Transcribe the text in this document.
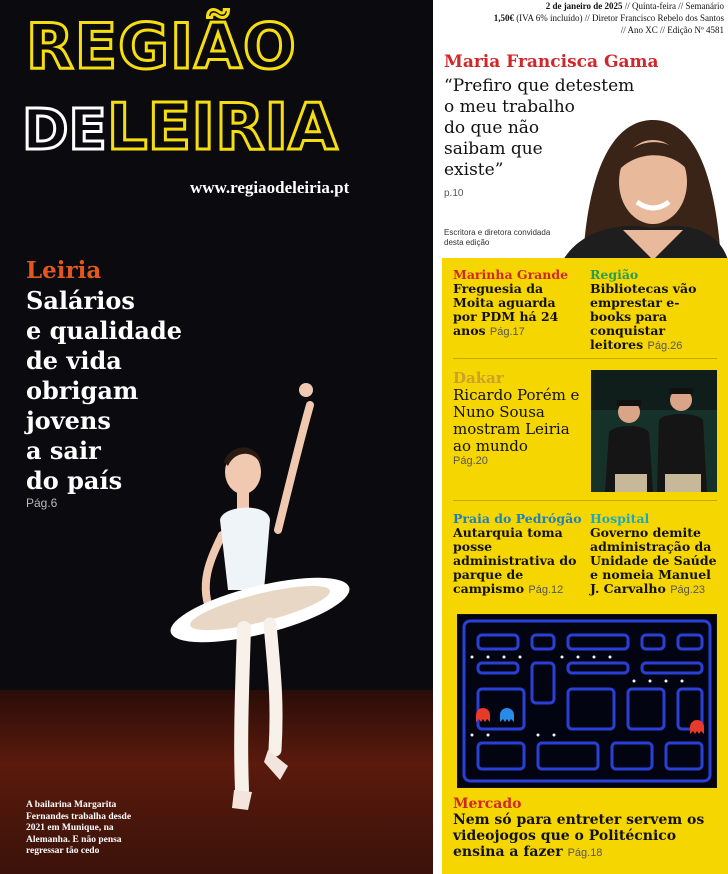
REGIÃO
DELEIRIA
www.regiaodeleiria.pt
Leiria
Salários
e qualidade
de vida
obrigam
jovens
a sair
do país
Pág.6
A bailarina Margarita Fernandes trabalha desde 2021 em Munique, na Alemanha. E não pensa regressar tão cedo
2 de janeiro de 2025 // Quinta-feira // Semanário
1,50€ (IVA 6% incluído) // Diretor Francisco Rebelo dos Santos
// Ano XC // Edição Nº 4581
Maria Francisca Gama
“Prefiro que detestem
o meu trabalho
do que não
saibam que
existe”
p.10
Escritora e diretora convidada desta edição
Marinha Grande
Freguesia da Moita aguarda por PDM há 24 anos Pág.17
Região
Bibliotecas vão emprestar e-books para conquistar leitores Pág.26
Dakar
Ricardo Porém e Nuno Sousa mostram Leiria ao mundo
Pág.20
Praia do Pedrógão
Autarquia toma posse administrativa do parque de campismo Pág.12
Hospital
Governo demite administração da Unidade de Saúde e nomeia Manuel J. Carvalho Pág.23
Mercado
Nem só para entreter servem os videojogos que o Politécnico ensina a fazer Pág.18
